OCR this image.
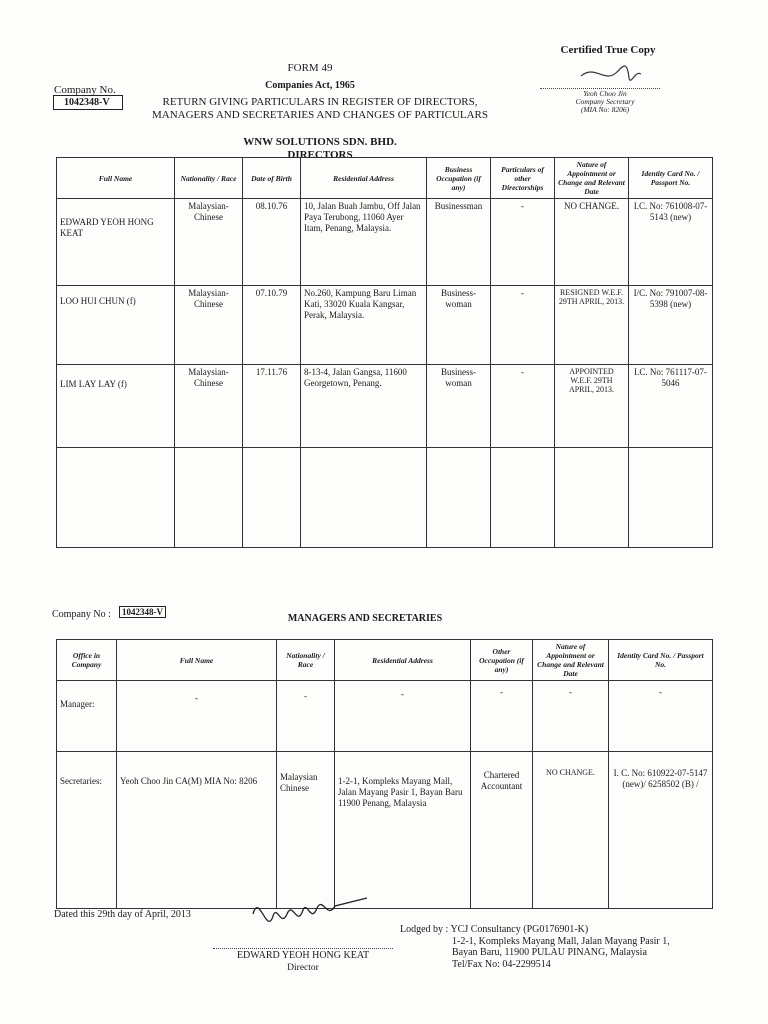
Certified True Copy
Yeoh Choo Jin
Company Secretary
(MIA No: 8206)
FORM 49
Companies Act, 1965
RETURN GIVING PARTICULARS IN REGISTER OF DIRECTORS,
MANAGERS AND SECRETARIES AND CHANGES OF PARTICULARS
Company No.
1042348-V
WNW SOLUTIONS SDN. BHD.
DIRECTORS
Full Name	Nationality / Race	Date of Birth	Residential Address	Business Occupation (if any)	Particulars of other Directorships	Nature of Appointment or Change and Relevant Date	Identity Card No. / Passport No.
EDWARD YEOH HONG KEAT	Malaysian-Chinese	08.10.76	10, Jalan Buah Jambu, Off Jalan Paya Terubong, 11060 Ayer Itam, Penang, Malaysia.	Businessman	-	NO CHANGE.	I.C. No: 761008-07-5143 (new)
LOO HUI CHUN (f)	Malaysian-Chinese	07.10.79	No.260, Kampung Baru Liman Kati, 33020 Kuala Kangsar, Perak, Malaysia.	Business-woman	-	RESIGNED W.E.F. 29TH APRIL, 2013.	I/C. No: 791007-08-5398 (new)
LIM LAY LAY (f)	Malaysian-Chinese	17.11.76	8-13-4, Jalan Gangsa, 11600 Georgetown, Penang.	Business-woman	-	APPOINTED W.E.F. 29TH APRIL, 2013.	I.C. No: 761117-07-5046

Company No :	1042348-V
MANAGERS AND SECRETARIES
Office in Company	Full Name	Nationality / Race	Residential Address	Other Occupation (if any)	Nature of Appointment or Change and Relevant Date	Identity Card No. / Passport No.
Manager:	-	-	-	-	-	-
Secretaries:	Yeoh Choo Jin CA(M) MIA No: 8206	Malaysian Chinese	1-2-1, Kompleks Mayang Mall, Jalan Mayang Pasir 1, Bayan Baru 11900 Penang, Malaysia	Chartered Accountant	NO CHANGE.	I. C. No: 610922-07-5147 (new)/ 6258502 (B) /
Dated this 29th day of April, 2013
EDWARD YEOH HONG KEAT
Director
Lodged by : YCJ Consultancy (PG0176901-K)
1-2-1, Kompleks Mayang Mall, Jalan Mayang Pasir 1,
Bayan Baru, 11900 PULAU PINANG, Malaysia
Tel/Fax No: 04-2299514
